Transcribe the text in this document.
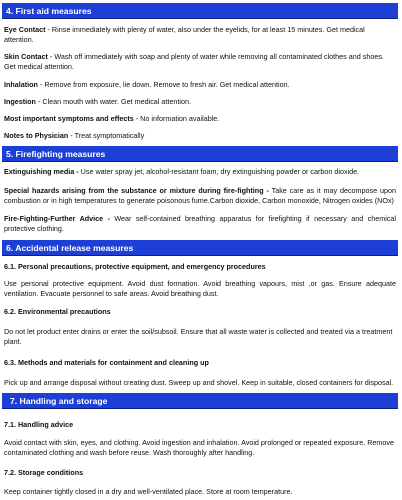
4. First aid measures

Eye Contact - Rinse immediately with plenty of water, also under the eyelids, for at least 15 minutes. Get medical attention.

Skin Contact - Wash off immediately with soap and plenty of water while removing all contaminated clothes and shoes. Get medical attention.

Inhalation - Remove from exposure, lie down. Remove to fresh air. Get medical attention.

Ingestion - Clean mouth with water. Get medical attention.

Most important symptoms and effects - No information available.

Notes to Physician - Treat symptomatically

5. Firefighting measures

Extinguishing media - Use water spray jet, alcohol-resistant foam, dry extinguishing powder or carbon dioxide.

Special hazards arising from the substance or mixture during fire-fighting - Take care as it may decompose upon combustion or in high temperatures to generate poisonous fume.Carbon dioxide, Carbon monoxide, Nitrogen oxides (NOx)

Fire-Fighting-Further Advice - Wear self-contained breathing apparatus for firefighting if necessary and chemical protective clothing.

6. Accidental release measures

6.1. Personal precautions, protective equipment, and emergency procedures

Use personal protective equipment. Avoid dust formation. Avoid breathing vapours, mist ,or gas. Ensure adequate ventilation. Evacuate personnel to safe areas. Avoid breathing dust.

6.2. Environmental precautions

Do not let product enter drains or enter the soil/subsoil. Ensure that all waste water is collected and treated via a treatment plant.

6.3. Methods and materials for containment and cleaning up

Pick up and arrange disposal without creating dust. Sweep up and shovel. Keep in suitable, closed containers for disposal.

7. Handling and storage

7.1. Handling advice

Avoid contact with skin, eyes, and clothing. Avoid ingestion and inhalation. Avoid prolonged or repeated exposure. Remove contaminated clothing and wash before reuse. Wash thoroughly after handling.

7.2. Storage conditions

Keep container tightly closed in a dry and well-ventilated place. Store at room temperature.
